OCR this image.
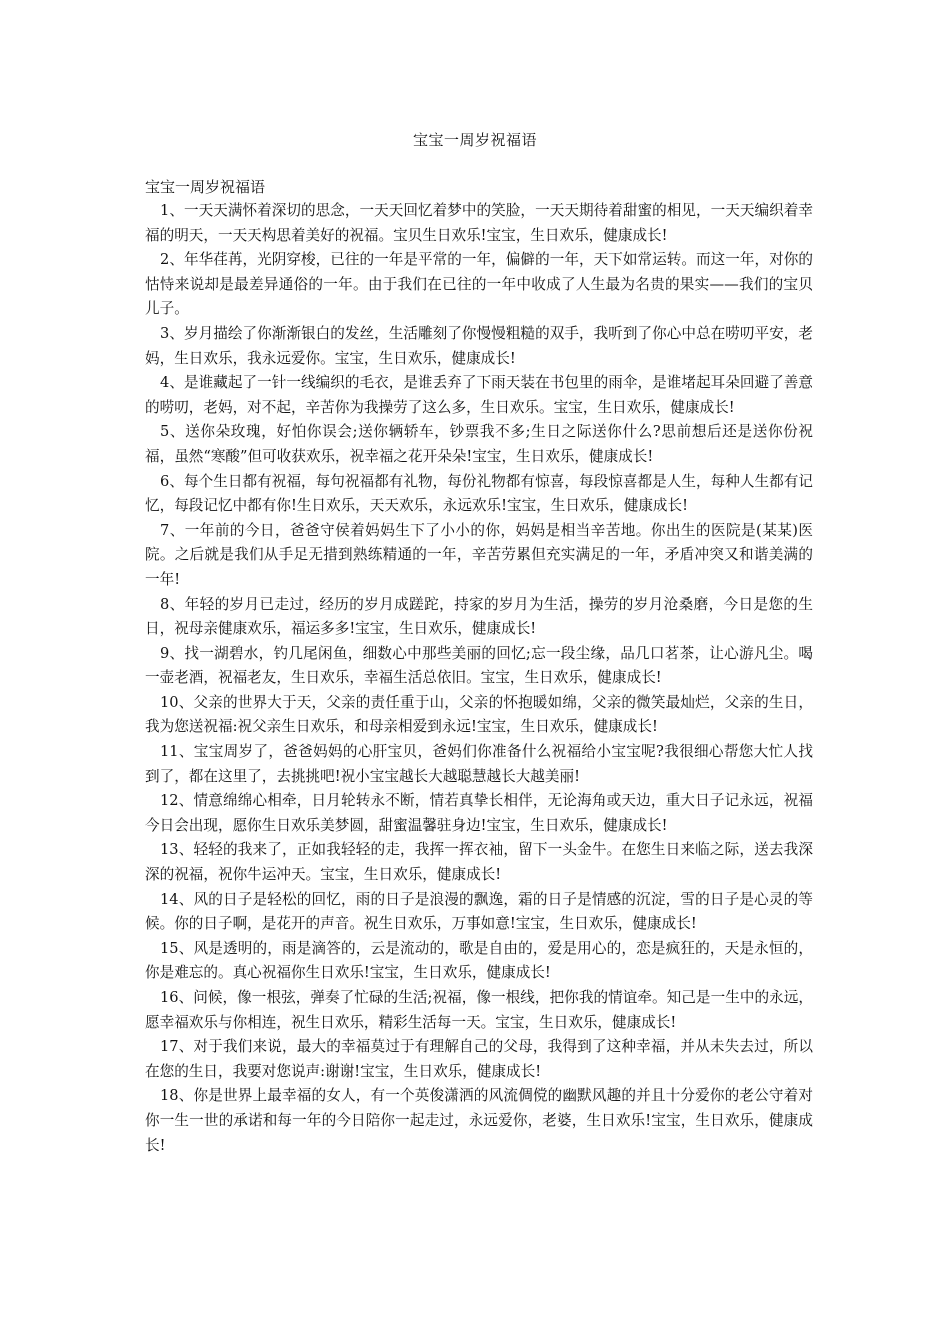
宝宝一周岁祝福语

宝宝一周岁祝福语

1、一天天满怀着深切的思念，一天天回忆着梦中的笑脸，一天天期待着甜蜜的相见，一天天编织着幸福的明天，一天天构思着美好的祝福。宝贝生日欢乐!宝宝，生日欢乐，健康成长!

2、年华荏苒，光阴穿梭，已往的一年是平常的一年，偏僻的一年，天下如常运转。而这一年，对你的怙恃来说却是最差异通俗的一年。由于我们在已往的一年中收成了人生最为名贵的果实——我们的宝贝儿子。

3、岁月描绘了你渐渐银白的发丝，生活雕刻了你慢慢粗糙的双手，我听到了你心中总在唠叨平安，老妈，生日欢乐，我永远爱你。宝宝，生日欢乐，健康成长!

4、是谁藏起了一针一线编织的毛衣，是谁丢弃了下雨天装在书包里的雨伞，是谁堵起耳朵回避了善意的唠叨，老妈，对不起，辛苦你为我操劳了这么多，生日欢乐。宝宝，生日欢乐，健康成长!

5、送你朵玫瑰，好怕你误会;送你辆轿车，钞票我不多;生日之际送你什么?思前想后还是送你份祝福，虽然“寒酸”但可收获欢乐，祝幸福之花开朵朵!宝宝，生日欢乐，健康成长!

6、每个生日都有祝福，每句祝福都有礼物，每份礼物都有惊喜，每段惊喜都是人生，每种人生都有记忆，每段记忆中都有你!生日欢乐，天天欢乐，永远欢乐!宝宝，生日欢乐，健康成长!

7、一年前的今日，爸爸守侯着妈妈生下了小小的你，妈妈是相当辛苦地。你出生的医院是(某某)医院。之后就是我们从手足无措到熟练精通的一年，辛苦劳累但充实满足的一年，矛盾冲突又和谐美满的一年!

8、年轻的岁月已走过，经历的岁月成蹉跎，持家的岁月为生活，操劳的岁月沧桑磨，今日是您的生日，祝母亲健康欢乐，福运多多!宝宝，生日欢乐，健康成长!

9、找一湖碧水，钓几尾闲鱼，细数心中那些美丽的回忆;忘一段尘缘，品几口茗茶，让心游凡尘。喝一壶老酒，祝福老友，生日欢乐，幸福生活总依旧。宝宝，生日欢乐，健康成长!

10、父亲的世界大于天，父亲的责任重于山，父亲的怀抱暖如绵，父亲的微笑最灿烂，父亲的生日，我为您送祝福:祝父亲生日欢乐，和母亲相爱到永远!宝宝，生日欢乐，健康成长!

11、宝宝周岁了，爸爸妈妈的心肝宝贝，爸妈们你准备什么祝福给小宝宝呢?我很细心帮您大忙人找到了，都在这里了，去挑挑吧!祝小宝宝越长大越聪慧越长大越美丽!

12、情意绵绵心相牵，日月轮转永不断，情若真挚长相伴，无论海角或天边，重大日子记永远，祝福今日会出现，愿你生日欢乐美梦圆，甜蜜温馨驻身边!宝宝，生日欢乐，健康成长!

13、轻轻的我来了，正如我轻轻的走，我挥一挥衣袖，留下一头金牛。在您生日来临之际，送去我深深的祝福，祝你牛运冲天。宝宝，生日欢乐，健康成长!

14、风的日子是轻松的回忆，雨的日子是浪漫的飘逸，霜的日子是情感的沉淀，雪的日子是心灵的等候。你的日子啊，是花开的声音。祝生日欢乐，万事如意!宝宝，生日欢乐，健康成长!

15、风是透明的，雨是滴答的，云是流动的，歌是自由的，爱是用心的，恋是疯狂的，天是永恒的，你是难忘的。真心祝福你生日欢乐!宝宝，生日欢乐，健康成长!

16、问候，像一根弦，弹奏了忙碌的生活;祝福，像一根线，把你我的情谊牵。知己是一生中的永远，愿幸福欢乐与你相连，祝生日欢乐，精彩生活每一天。宝宝，生日欢乐，健康成长!

17、对于我们来说，最大的幸福莫过于有理解自己的父母，我得到了这种幸福，并从未失去过，所以在您的生日，我要对您说声:谢谢!宝宝，生日欢乐，健康成长!

18、你是世界上最幸福的女人，有一个英俊潇洒的风流倜傥的幽默风趣的并且十分爱你的老公守着对你一生一世的承诺和每一年的今日陪你一起走过，永远爱你，老婆，生日欢乐!宝宝，生日欢乐，健康成长!
